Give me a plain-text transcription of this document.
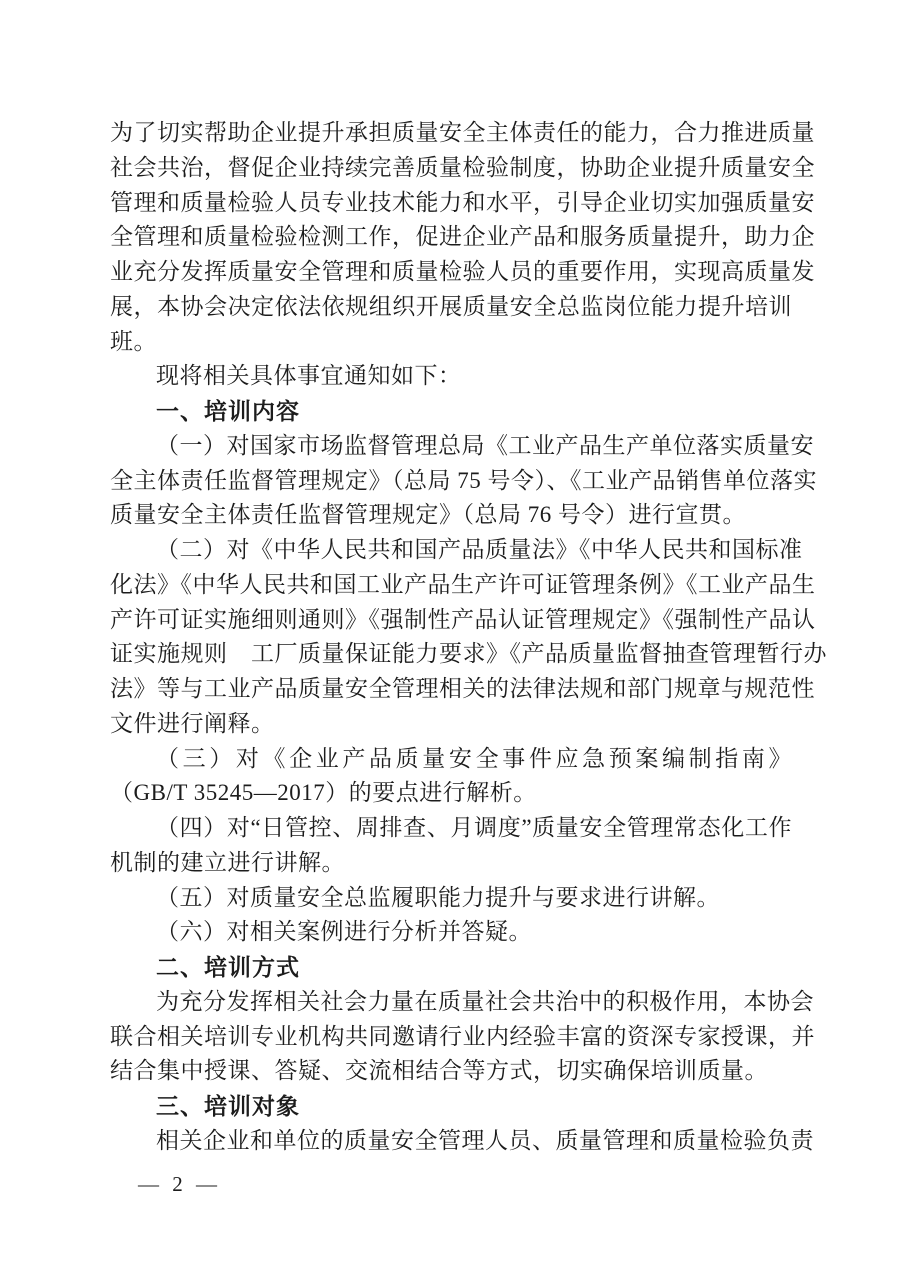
为了切实帮助企业提升承担质量安全主体责任的能力，合力推进质量
社会共治，督促企业持续完善质量检验制度，协助企业提升质量安全
管理和质量检验人员专业技术能力和水平，引导企业切实加强质量安
全管理和质量检验检测工作，促进企业产品和服务质量提升，助力企
业充分发挥质量安全管理和质量检验人员的重要作用，实现高质量发
展，本协会决定依法依规组织开展质量安全总监岗位能力提升培训
班。
现将相关具体事宜通知如下：
一、培训内容
（一）对国家市场监督管理总局《工业产品生产单位落实质量安
全主体责任监督管理规定》（总局 75 号令）、《工业产品销售单位落实
质量安全主体责任监督管理规定》（总局 76 号令）进行宣贯。
（二）对《中华人民共和国产品质量法》《中华人民共和国标准
化法》《中华人民共和国工业产品生产许可证管理条例》《工业产品生
产许可证实施细则通则》《强制性产品认证管理规定》《强制性产品认
证实施规则　工厂质量保证能力要求》《产品质量监督抽查管理暂行办
法》等与工业产品质量安全管理相关的法律法规和部门规章与规范性
文件进行阐释。
（三）对《企业产品质量安全事件应急预案编制指南》
（GB/T 35245—2017）的要点进行解析。
（四）对“日管控、周排查、月调度”质量安全管理常态化工作
机制的建立进行讲解。
（五）对质量安全总监履职能力提升与要求进行讲解。
（六）对相关案例进行分析并答疑。
二、培训方式
为充分发挥相关社会力量在质量社会共治中的积极作用，本协会
联合相关培训专业机构共同邀请行业内经验丰富的资深专家授课，并
结合集中授课、答疑、交流相结合等方式，切实确保培训质量。
三、培训对象
相关企业和单位的质量安全管理人员、质量管理和质量检验负责
— 2 —
